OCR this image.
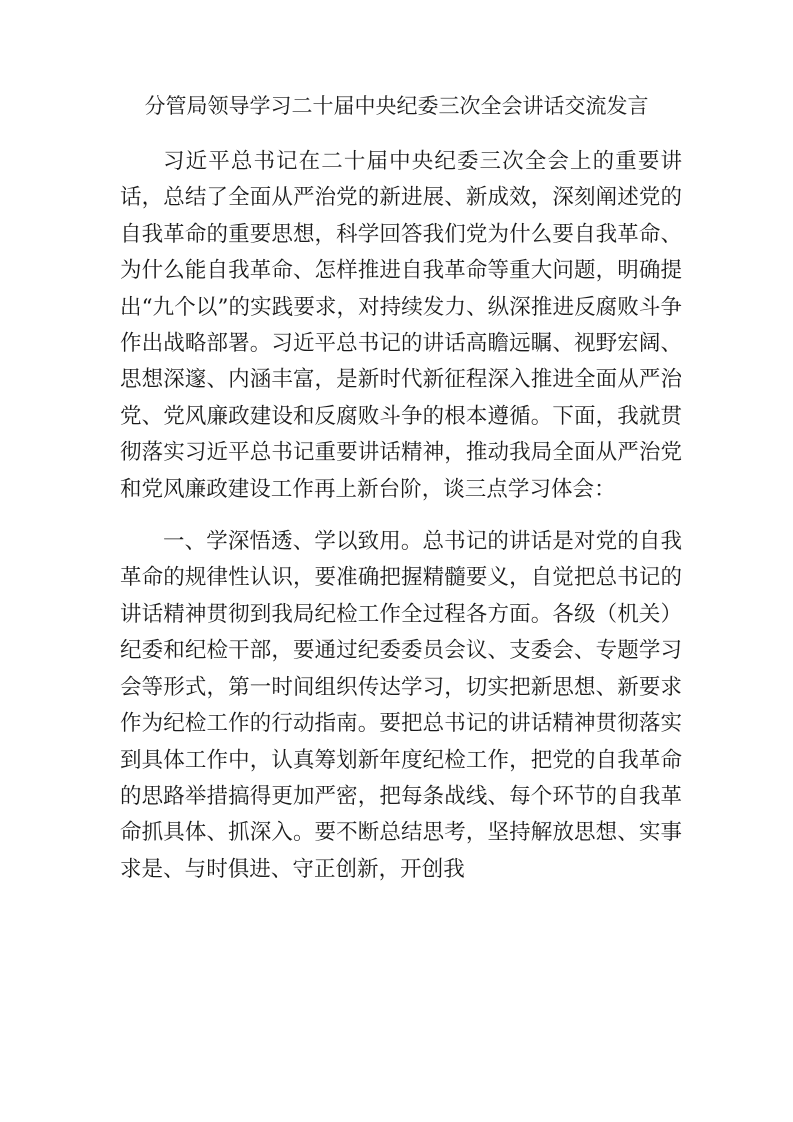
分管局领导学习二十届中央纪委三次全会讲话交流发言

习近平总书记在二十届中央纪委三次全会上的重要讲话，总结了全面从严治党的新进展、新成效，深刻阐述党的自我革命的重要思想，科学回答我们党为什么要自我革命、为什么能自我革命、怎样推进自我革命等重大问题，明确提出“九个以”的实践要求，对持续发力、纵深推进反腐败斗争作出战略部署。习近平总书记的讲话高瞻远瞩、视野宏阔、思想深邃、内涵丰富，是新时代新征程深入推进全面从严治党、党风廉政建设和反腐败斗争的根本遵循。下面，我就贯彻落实习近平总书记重要讲话精神，推动我局全面从严治党和党风廉政建设工作再上新台阶，谈三点学习体会：

一、学深悟透、学以致用。总书记的讲话是对党的自我革命的规律性认识，要准确把握精髓要义，自觉把总书记的讲话精神贯彻到我局纪检工作全过程各方面。各级（机关）纪委和纪检干部，要通过纪委委员会议、支委会、专题学习会等形式，第一时间组织传达学习，切实把新思想、新要求作为纪检工作的行动指南。要把总书记的讲话精神贯彻落实到具体工作中，认真筹划新年度纪检工作，把党的自我革命的思路举措搞得更加严密，把每条战线、每个环节的自我革命抓具体、抓深入。要不断总结思考，坚持解放思想、实事求是、与时俱进、守正创新，开创我
